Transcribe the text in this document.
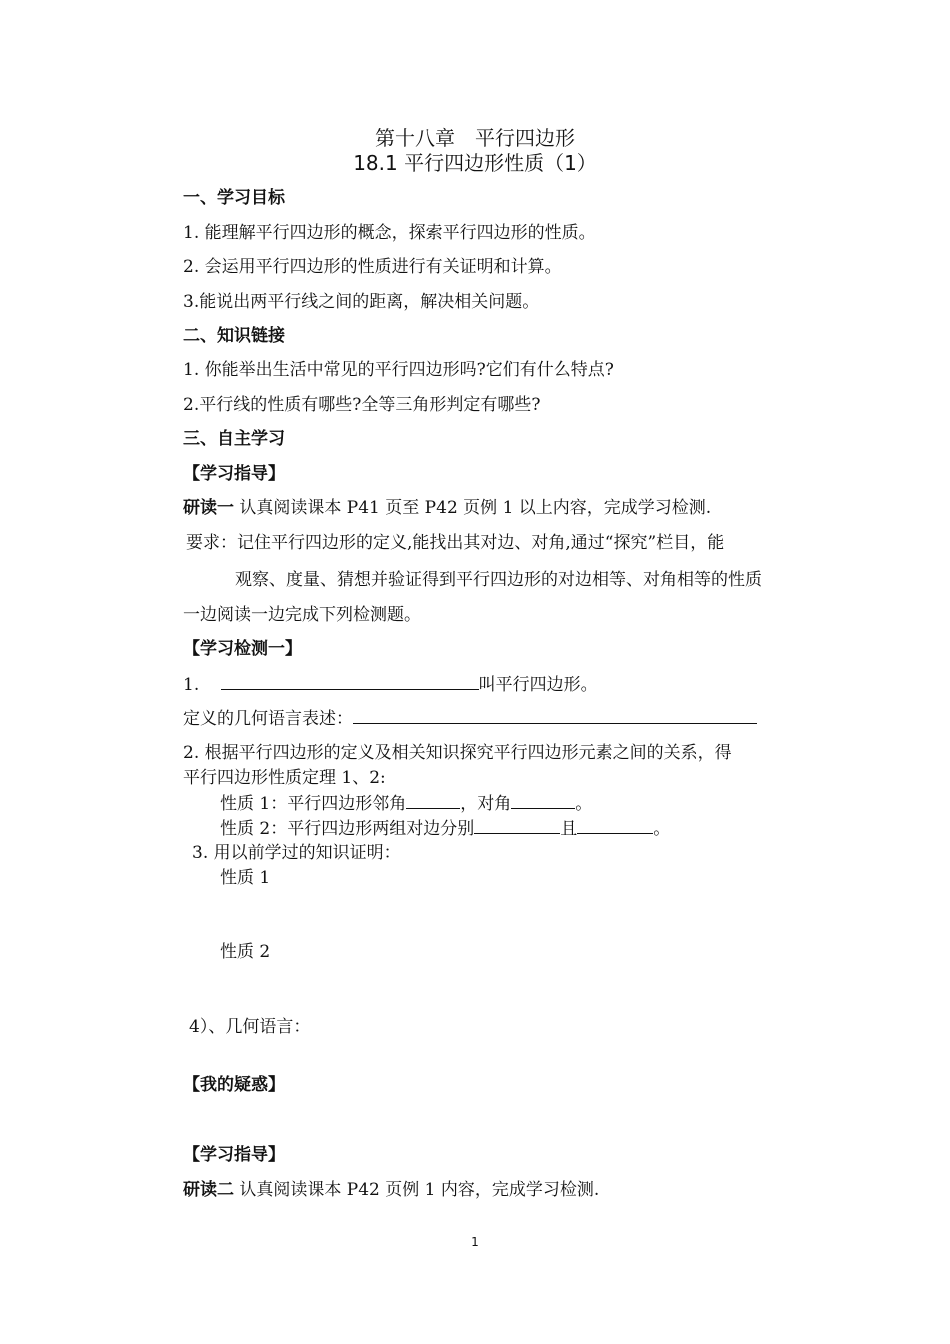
第十八章　平行四边形
18.1 平行四边形性质（1）
一、学习目标
1. 能理解平行四边形的概念，探索平行四边形的性质。
2. 会运用平行四边形的性质进行有关证明和计算。
3.能说出两平行线之间的距离，解决相关问题。
二、知识链接
1. 你能举出生活中常见的平行四边形吗?它们有什么特点?
2.平行线的性质有哪些?全等三角形判定有哪些?
三、自主学习
【学习指导】
研读一 认真阅读课本 P41 页至 P42 页例 1 以上内容，完成学习检测.
要求：记住平行四边形的定义,能找出其对边、对角,通过“探究”栏目，能
观察、度量、猜想并验证得到平行四边形的对边相等、对角相等的性质
一边阅读一边完成下列检测题。
【学习检测一】
1.	叫平行四边形。
定义的几何语言表述：
2. 根据平行四边形的定义及相关知识探究平行四边形元素之间的关系，得
平行四边形性质定理 1、2:
性质 1：平行四边形邻角	，对角	。
性质 2：平行四边形两组对边分别	且	。
3. 用以前学过的知识证明：
性质 1
性质 2
4）、几何语言：
【我的疑惑】
【学习指导】
研读二 认真阅读课本 P42 页例 1 内容，完成学习检测.
1
